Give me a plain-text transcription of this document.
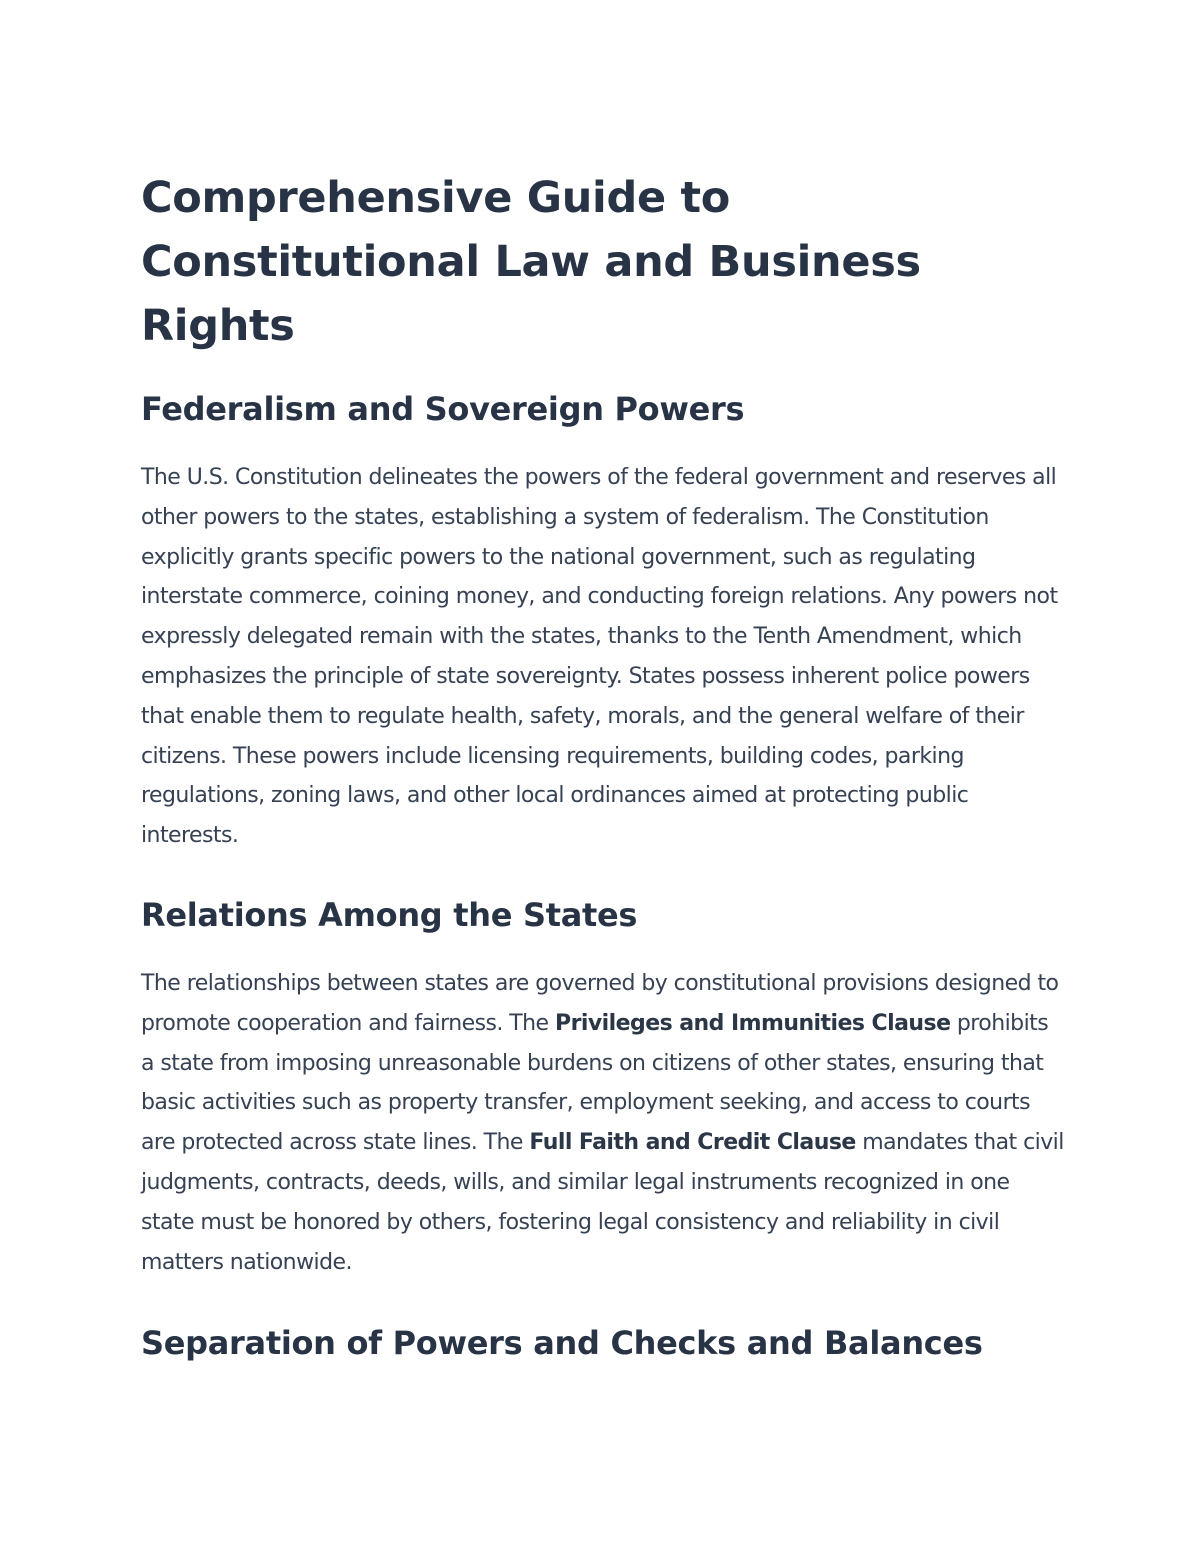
Comprehensive Guide to Constitutional Law and Business Rights
Federalism and Sovereign Powers

The U.S. Constitution delineates the powers of the federal government and reserves all other powers to the states, establishing a system of federalism. The Constitution explicitly grants specific powers to the national government, such as regulating interstate commerce, coining money, and conducting foreign relations. Any powers not expressly delegated remain with the states, thanks to the Tenth Amendment, which emphasizes the principle of state sovereignty. States possess inherent police powers that enable them to regulate health, safety, morals, and the general welfare of their citizens. These powers include licensing requirements, building codes, parking regulations, zoning laws, and other local ordinances aimed at protecting public interests.

Relations Among the States

The relationships between states are governed by constitutional provisions designed to promote cooperation and fairness. The Privileges and Immunities Clause prohibits a state from imposing unreasonable burdens on citizens of other states, ensuring that basic activities such as property transfer, employment seeking, and access to courts are protected across state lines. The Full Faith and Credit Clause mandates that civil judgments, contracts, deeds, wills, and similar legal instruments recognized in one state must be honored by others, fostering legal consistency and reliability in civil matters nationwide.

Separation of Powers and Checks and Balances
